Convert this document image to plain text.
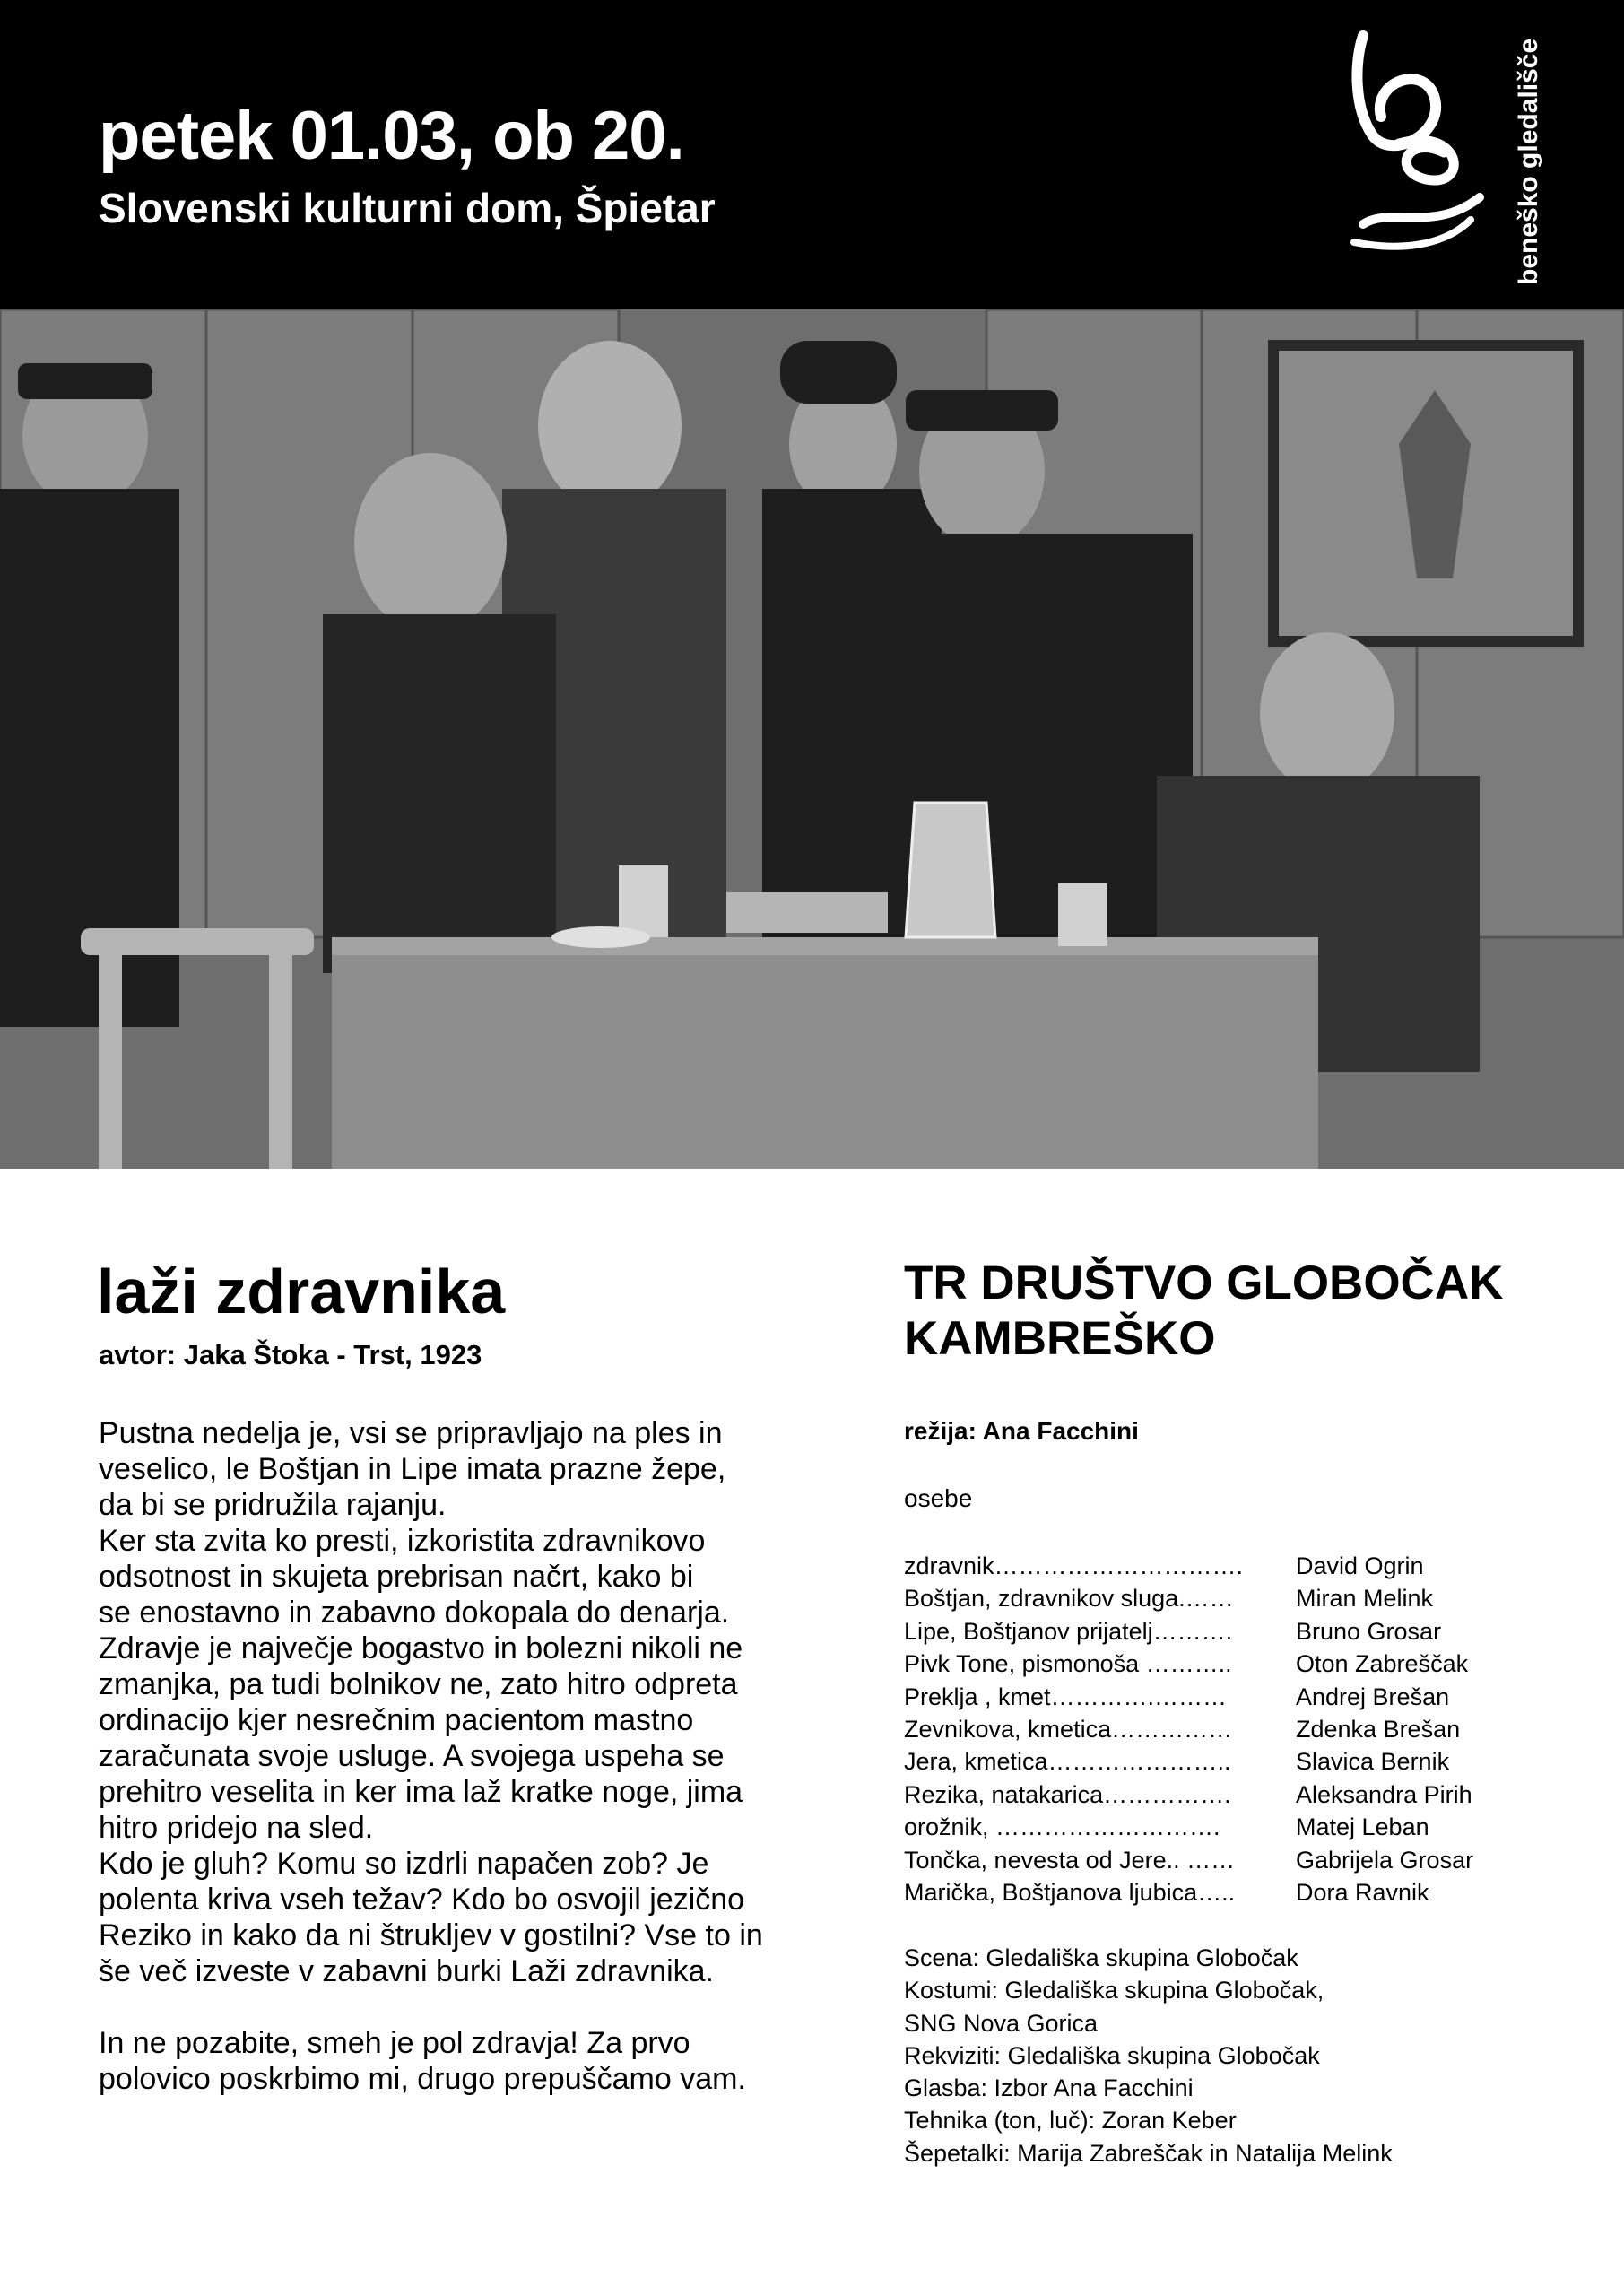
petek 01.03, ob 20.
Slovenski kulturni dom, Špietar	beneško gledališče
laži zdravnika
avtor: Jaka Štoka - Trst, 1923

Pustna nedelja je, vsi se pripravljajo na ples in

veselico, le Boštjan in Lipe imata prazne žepe,

da bi se pridružila rajanju.

Ker sta zvita ko presti, izkoristita zdravnikovo

odsotnost in skujeta prebrisan načrt, kako bi

se enostavno in zabavno dokopala do denarja.

Zdravje je največje bogastvo in bolezni nikoli ne

zmanjka, pa tudi bolnikov ne, zato hitro odpreta

ordinacijo kjer nesrečnim pacientom mastno

zaračunata svoje usluge. A svojega uspeha se

prehitro veselita in ker ima laž kratke noge, jima

hitro pridejo na sled.

Kdo je gluh? Komu so izdrli napačen zob? Je

polenta kriva vseh težav? Kdo bo osvojil jezično

Reziko in kako da ni štrukljev v gostilni? Vse to in

še več izveste v zabavni burki Laži zdravnika.

In ne pozabite, smeh je pol zdravja! Za prvo

polovico poskrbimo mi, drugo prepuščamo vam.

TR DRUŠTVO GLOBOČAK
KAMBREŠKO
režija: Ana Facchini
osebe
zdravnik………………………….	David Ogrin
Boštjan, zdravnikov sluga.……	Miran Melink
Lipe, Boštjanov prijatelj……….	Bruno Grosar
Pivk Tone, pismonoša ………..	Oton Zabreščak
Preklja , kmet………….………	Andrej Brešan
Zevnikova, kmetica……………	Zdenka Brešan
Jera, kmetica…………………..	Slavica Bernik
Rezika, natakarica…………….	Aleksandra Pirih
orožnik, ……………………….	Matej Leban
Tončka, nevesta od Jere.. ……	Gabrijela Grosar
Marička, Boštjanova ljubica…..	Dora Ravnik

Scena: Gledališka skupina Globočak

Kostumi: Gledališka skupina Globočak,

SNG Nova Gorica

Rekviziti: Gledališka skupina Globočak

Glasba: Izbor Ana Facchini

Tehnika (ton, luč): Zoran Keber

Šepetalki: Marija Zabreščak in Natalija Melink
